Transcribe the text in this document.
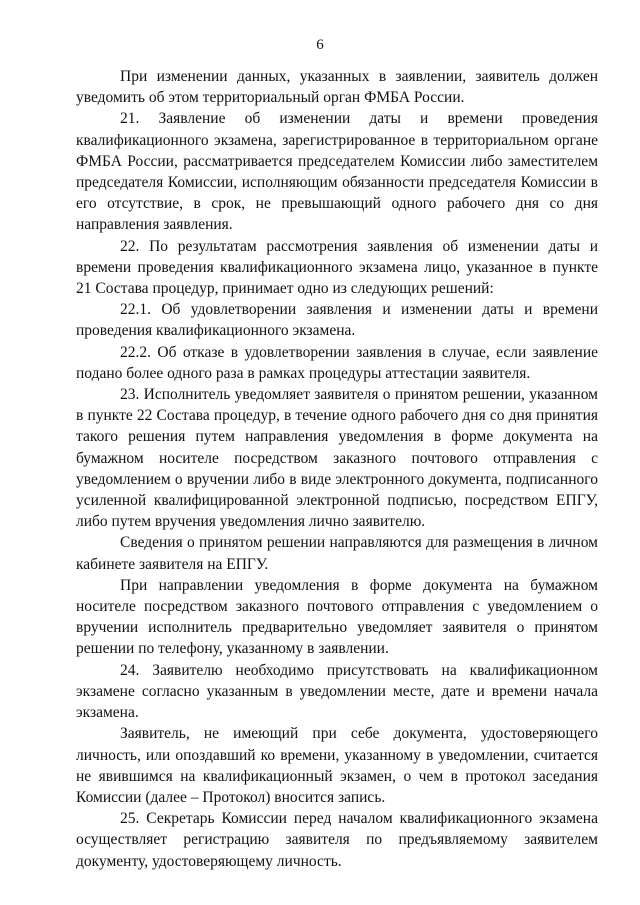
6

При изменении данных, указанных в заявлении, заявитель должен уведомить об этом территориальный орган ФМБА России.

21. Заявление об изменении даты и времени проведения квалификационного экзамена, зарегистрированное в территориальном органе ФМБА России, рассматривается председателем Комиссии либо заместителем председателя Комиссии, исполняющим обязанности председателя Комиссии в его отсутствие, в срок, не превышающий одного рабочего дня со дня направления заявления.

22. По результатам рассмотрения заявления об изменении даты и времени проведения квалификационного экзамена лицо, указанное в пункте 21 Состава процедур, принимает одно из следующих решений:

22.1. Об удовлетворении заявления и изменении даты и времени проведения квалификационного экзамена.

22.2. Об отказе в удовлетворении заявления в случае, если заявление подано более одного раза в рамках процедуры аттестации заявителя.

23. Исполнитель уведомляет заявителя о принятом решении, указанном в пункте 22 Состава процедур, в течение одного рабочего дня со дня принятия такого решения путем направления уведомления в форме документа на бумажном носителе посредством заказного почтового отправления с уведомлением о вручении либо в виде электронного документа, подписанного усиленной квалифицированной электронной подписью, посредством ЕПГУ, либо путем вручения уведомления лично заявителю.

Сведения о принятом решении направляются для размещения в личном кабинете заявителя на ЕПГУ.

При направлении уведомления в форме документа на бумажном носителе посредством заказного почтового отправления с уведомлением о вручении исполнитель предварительно уведомляет заявителя о принятом решении по телефону, указанному в заявлении.

24. Заявителю необходимо присутствовать на квалификационном экзамене согласно указанным в уведомлении месте, дате и времени начала экзамена.

Заявитель, не имеющий при себе документа, удостоверяющего личность, или опоздавший ко времени, указанному в уведомлении, считается не явившимся на квалификационный экзамен, о чем в протокол заседания Комиссии (далее – Протокол) вносится запись.

25. Секретарь Комиссии перед началом квалификационного экзамена осуществляет регистрацию заявителя по предъявляемому заявителем документу, удостоверяющему личность.
